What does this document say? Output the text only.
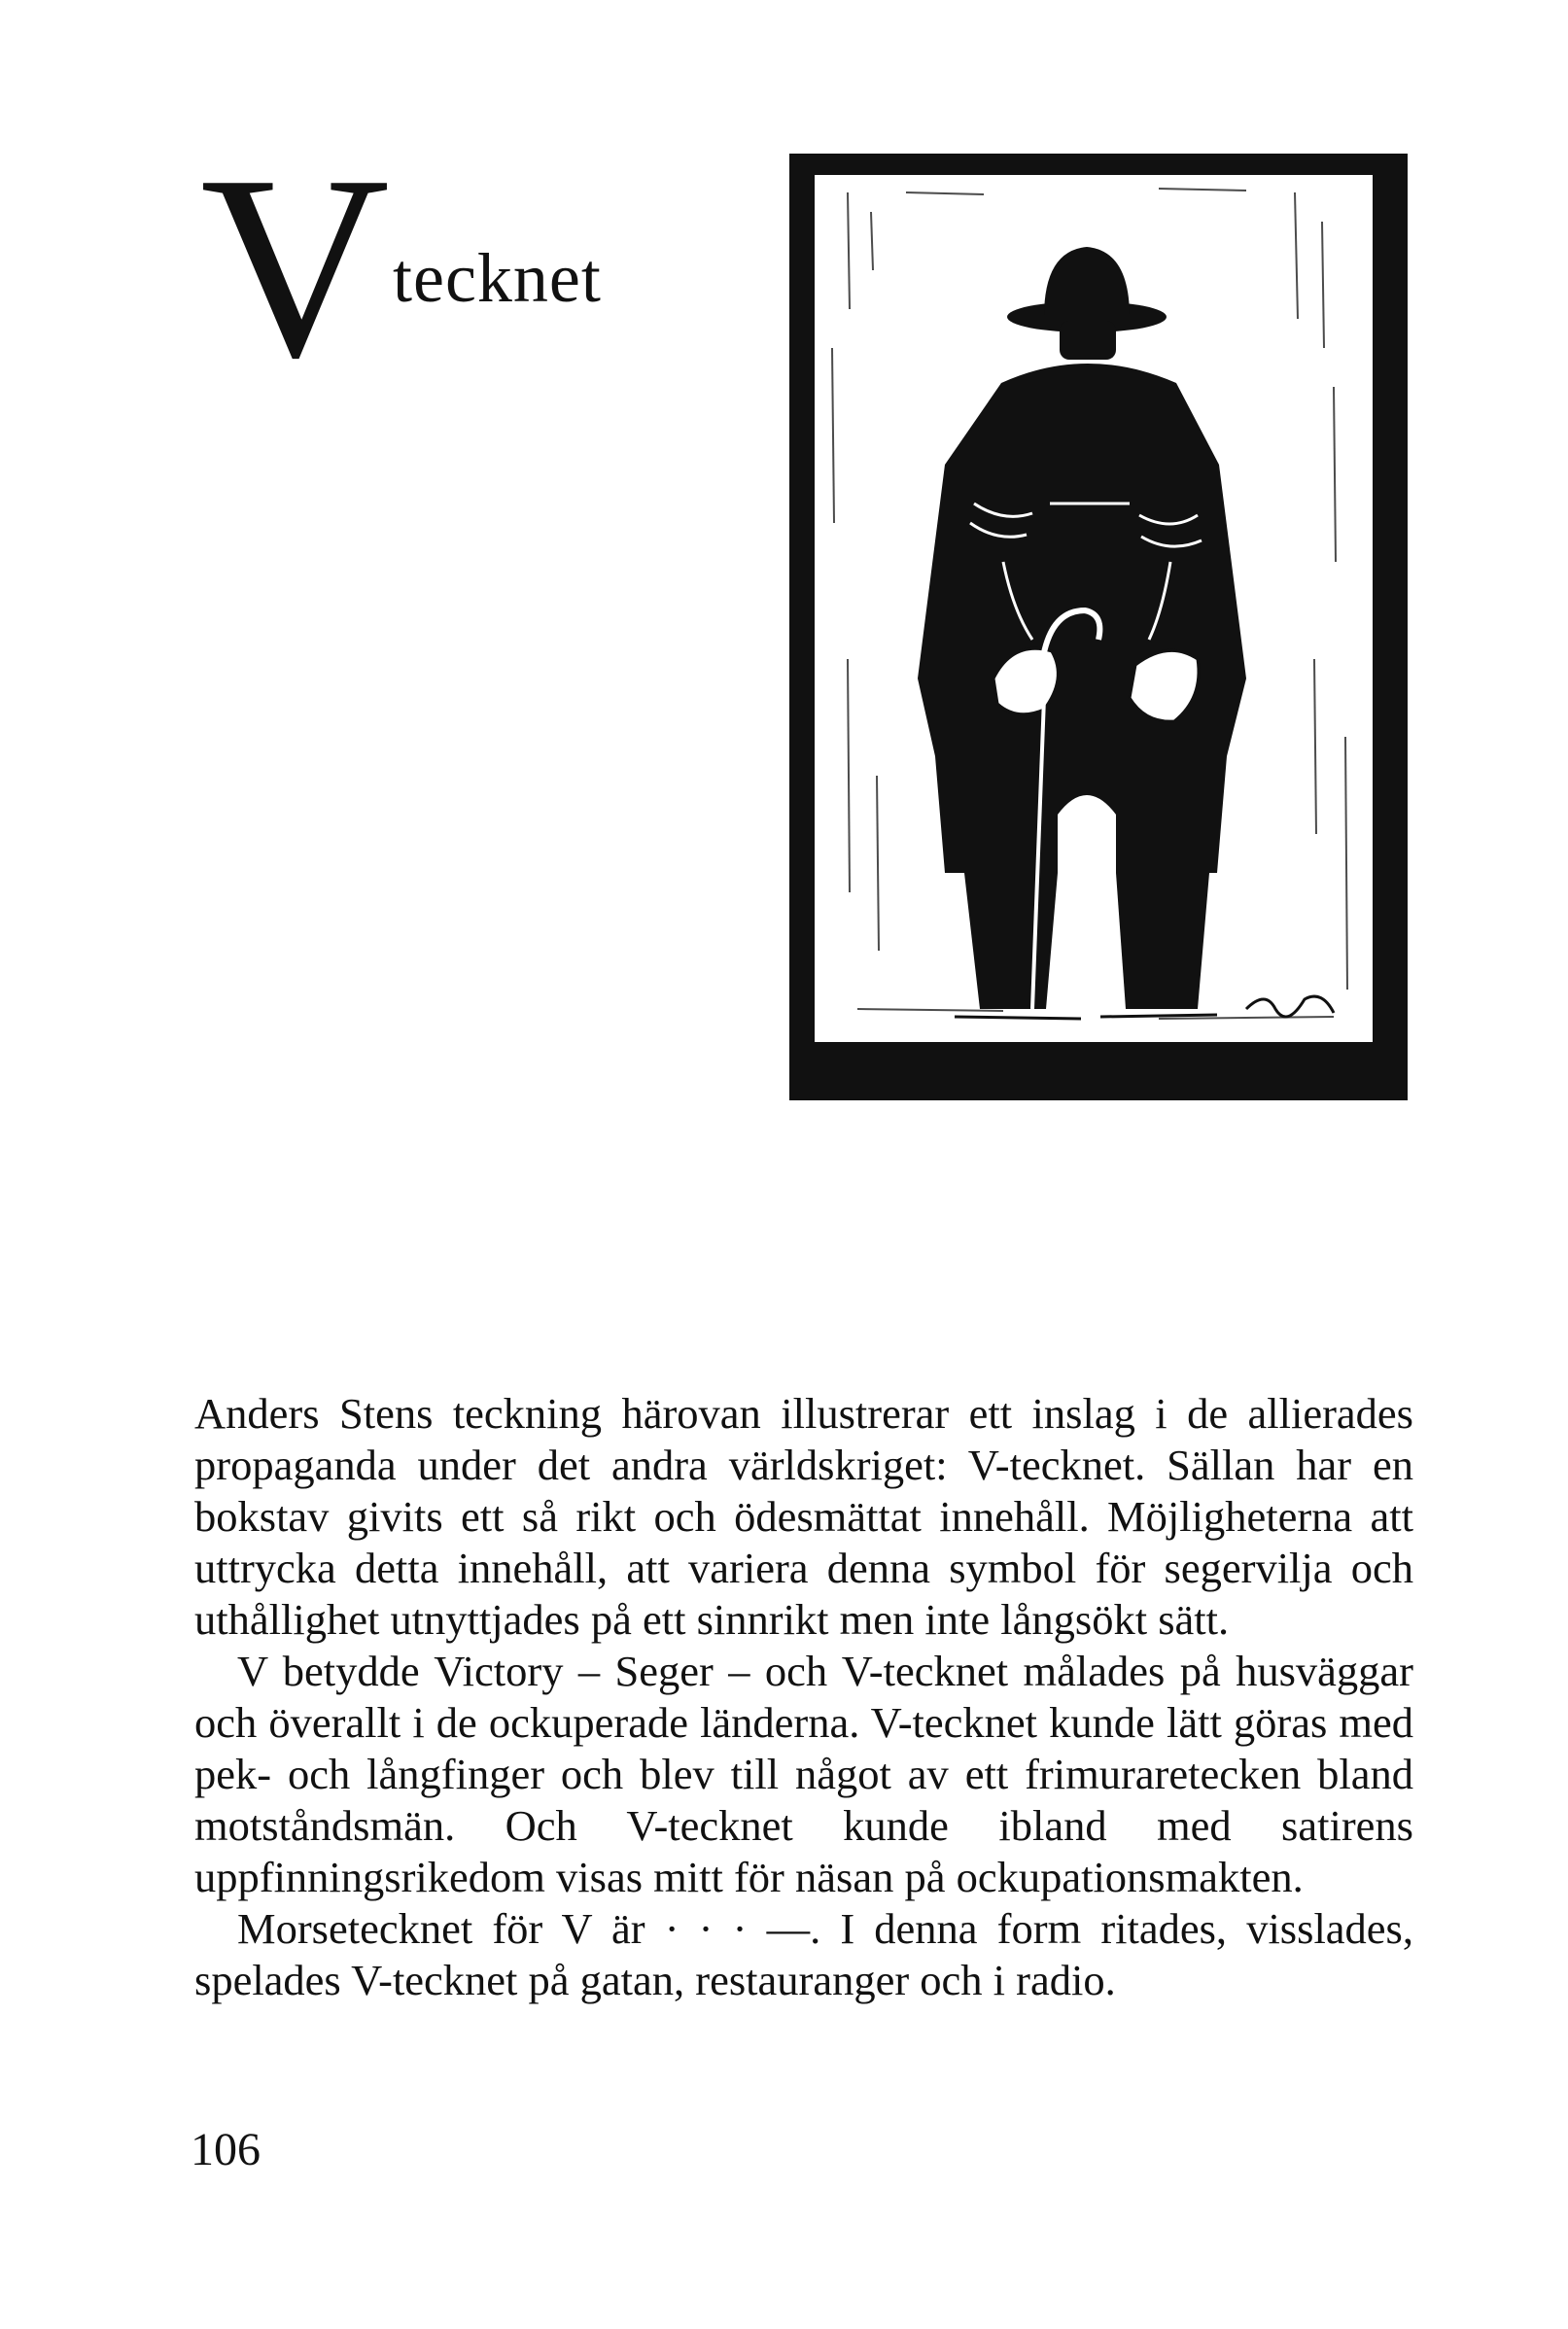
V tecknet

Anders Stens teckning härovan illustrerar ett inslag i de allierades propaganda under det andra världskriget: V-tecknet. Sällan har en bokstav givits ett så rikt och ödesmättat innehåll. Möjligheterna att uttrycka detta innehåll, att variera denna symbol för segervilja och uthållighet utnyttjades på ett sinnrikt men inte långsökt sätt.

V betydde Victory – Seger – och V-tecknet målades på husväggar och överallt i de ockuperade länderna. V-tecknet kunde lätt göras med pek- och långfinger och blev till något av ett frimuraretecken bland motståndsmän. Och V-tecknet kunde ibland med satirens uppfinningsrikedom visas mitt för näsan på ockupationsmakten.

Morsetecknet för V är · · · —. I denna form ritades, visslades, spelades V-tecknet på gatan, restauranger och i radio.

106
